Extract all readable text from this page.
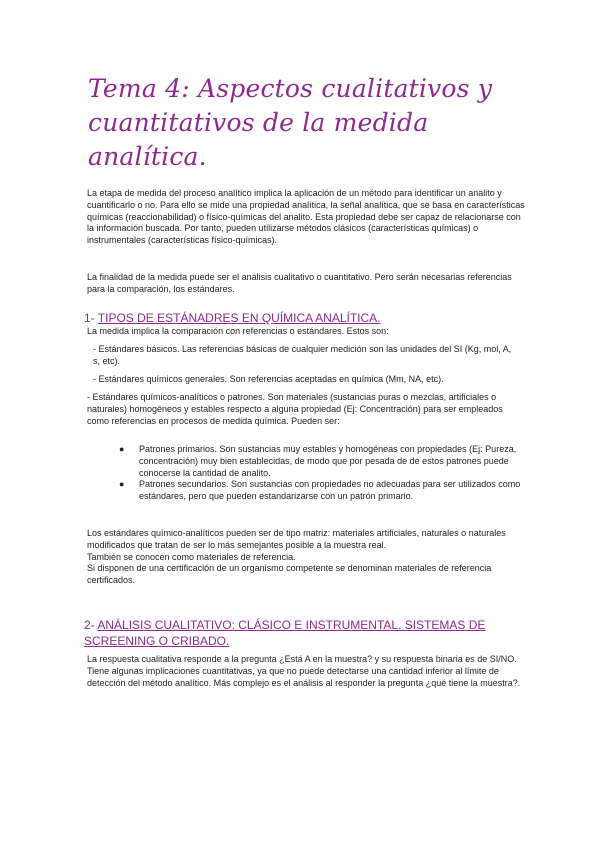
Tema 4: Aspectos cualitativos y cuantitativos de la medida analítica.

La etapa de medida del proceso analítico implica la aplicación de un método para identificar un analito y cuantificarlo o no. Para ello se mide una propiedad analítica, la señal analítica, que se basa en características químicas (reaccionabilidad) o físico-químicas del analito. Esta propiedad debe ser capaz de relacionarse con la información buscada. Por tanto, pueden utilizarse métodos clásicos (características químicas) o instrumentales (características físico-químicas).

La finalidad de la medida puede ser el análisis cualitativo o cuantitativo. Pero serán necesarias referencias para la comparación, los estándares.

1- TIPOS DE ESTÁNADRES EN QUÍMICA ANALÍTICA.

La medida implica la comparación con referencias o estándares. Estos son:

- Estándares básicos. Las referencias básicas de cualquier medición son las unidades del SI (Kg, mol, A, s, etc).

- Estándares químicos generales. Son referencias aceptadas en química (Mm, NA, etc).

- Estándares químicos-analíticos o patrones. Son materiales (sustancias puras o mezclas, artificiales o naturales) homogéneos y estables respecto a alguna propiedad (Ej: Concentración) para ser empleados como referencias en procesos de medida química. Pueden ser:

● Patrones primarios. Son sustancias muy estables y homogéneas con propiedades (Ej: Pureza, concentración) muy bien establecidas, de modo que por pesada de de estos patrones puede conocerse la cantidad de analito.
● Patrones secundarios. Son sustancias con propiedades no adecuadas para ser utilizados como estándares, pero que pueden estandarizarse con un patrón primario.
Los estándares químico-analíticos pueden ser de tipo matriz: materiales artificiales, naturales o naturales modificados que tratan de ser lo más semejantes posible a la muestra real.
También se conocen como materiales de referencia.
Si disponen de una certificación de un organismo competente se denominan materiales de referencia certificados.
2- ANÁLISIS CUALITATIVO: CLÁSICO E INSTRUMENTAL. SISTEMAS DE SCREENING O CRIBADO.

La respuesta cualitativa responde a la pregunta ¿Está A en la muestra? y su respuesta binaria es de SI/NO. Tiene algunas implicaciones cuantitativas, ya que no puede detectarse una cantidad inferior al límite de detección del método analítico. Más complejo es el análisis al responder la pregunta ¿qué tiene la muestra?.
